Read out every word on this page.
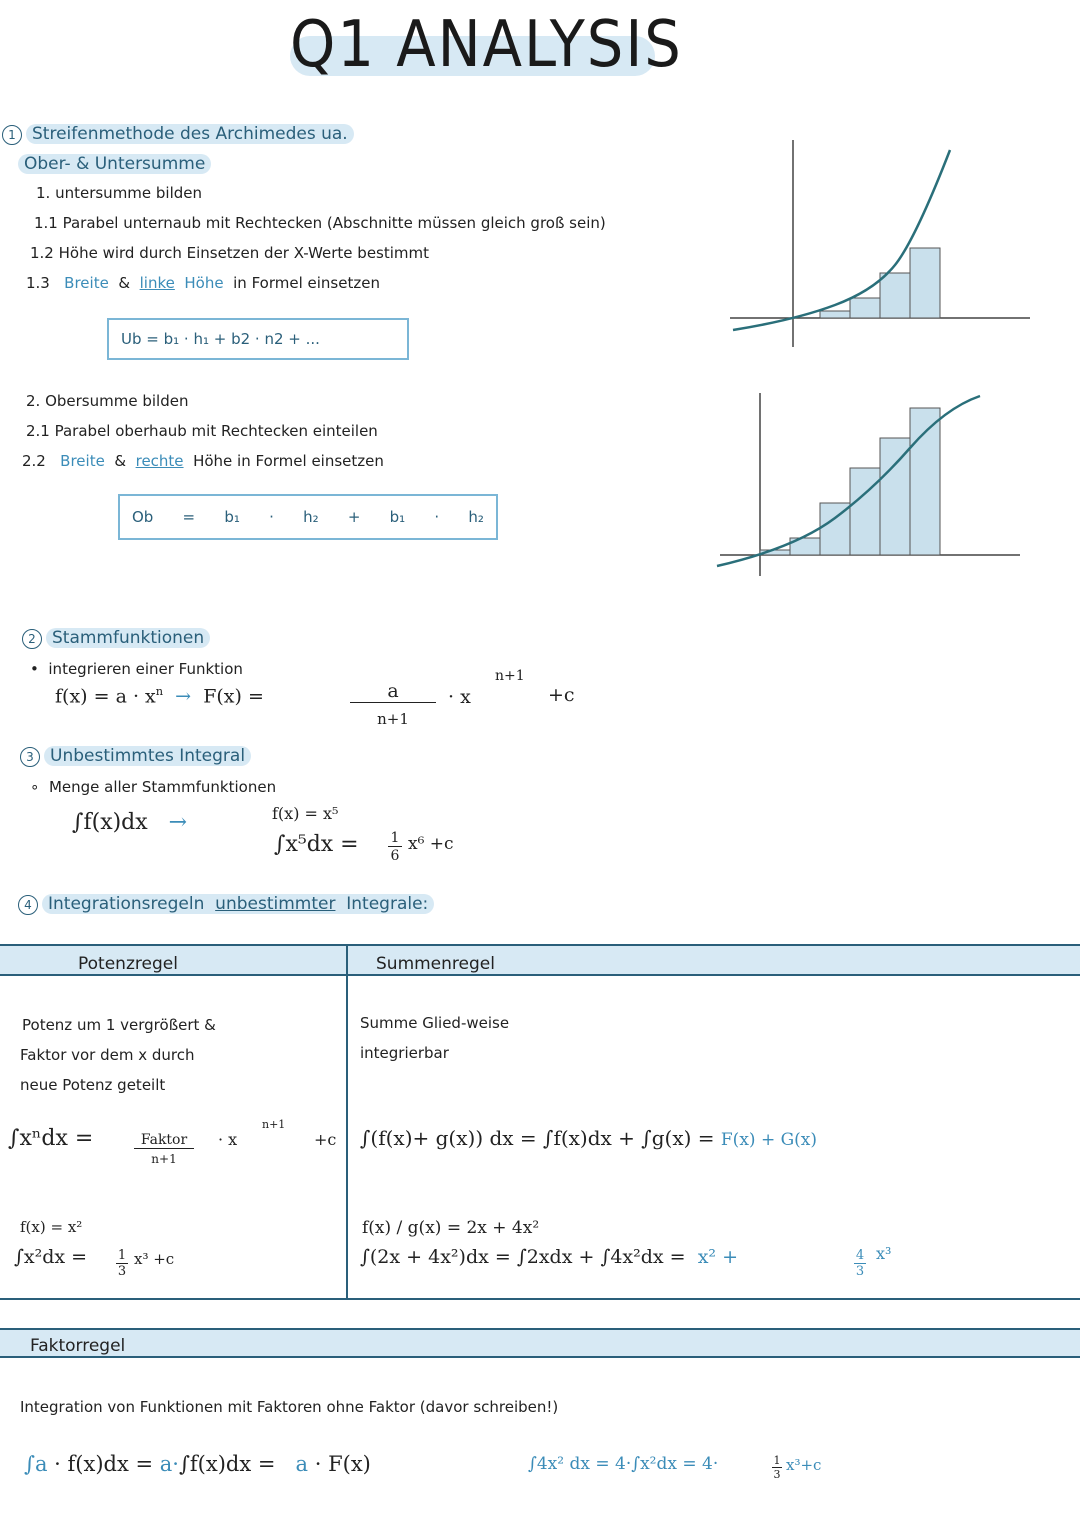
Q1 ANALYSIS
1 Streifenmethode des Archimedes ua.
Ober- & Untersumme
1. untersumme bilden
1.1 Parabel unternaub mit Rechtecken (Abschnitte müssen gleich groß sein)
1.2 Höhe wird durch Einsetzen der X-Werte bestimmt
1.3 Breite & linke Höhe in Formel einsetzen
Ub = b₁ · h₁ + b2 · n2 + ...
2. Obersumme bilden
2.1 Parabel oberhaub mit Rechtecken einteilen
2.2 Breite & rechte Höhe in Formel einsetzen
Ob = b₁ · h₂ + b₁ · h₂
2 Stammfunktionen
•  integrieren einer Funktion
$f(x) = a \cdot x^n \to F(x)$ =	a
n+1
· x
n+1
+c
3 Unbestimmtes Integral
∘  Menge aller Stammfunktionen
∫f(x)dx →	f(x) = x⁵
∫x⁵dx = 1
6
x⁶ +c
4 Integrationsregeln unbestimmter Integrale:
Potenzregel	Summenregel
Potenz um 1 vergrößert &
Faktor vor dem x durch
neue Potenz geteilt
∫xⁿdx =	Faktor
n+1
· x
n+1
+c
f(x) = x²
∫x²dx = 1
3
x³ +c
Summe Glied-weise
integrierbar
∫(f(x)+ g(x)) dx = ∫f(x)dx + ∫g(x) = F(x) + G(x)
f(x) / g(x) = 2x + 4x²
∫(2x + 4x²)dx = ∫2xdx + ∫4x²dx = x² +	4
3
x³
Faktorregel
Integration von Funktionen mit Faktoren ohne Faktor (davor schreiben!)
∫a · f(x)dx = a·∫f(x)dx = a · F(x)	∫4x² dx = 4·∫x²dx = 4·	1
3
x³+c
